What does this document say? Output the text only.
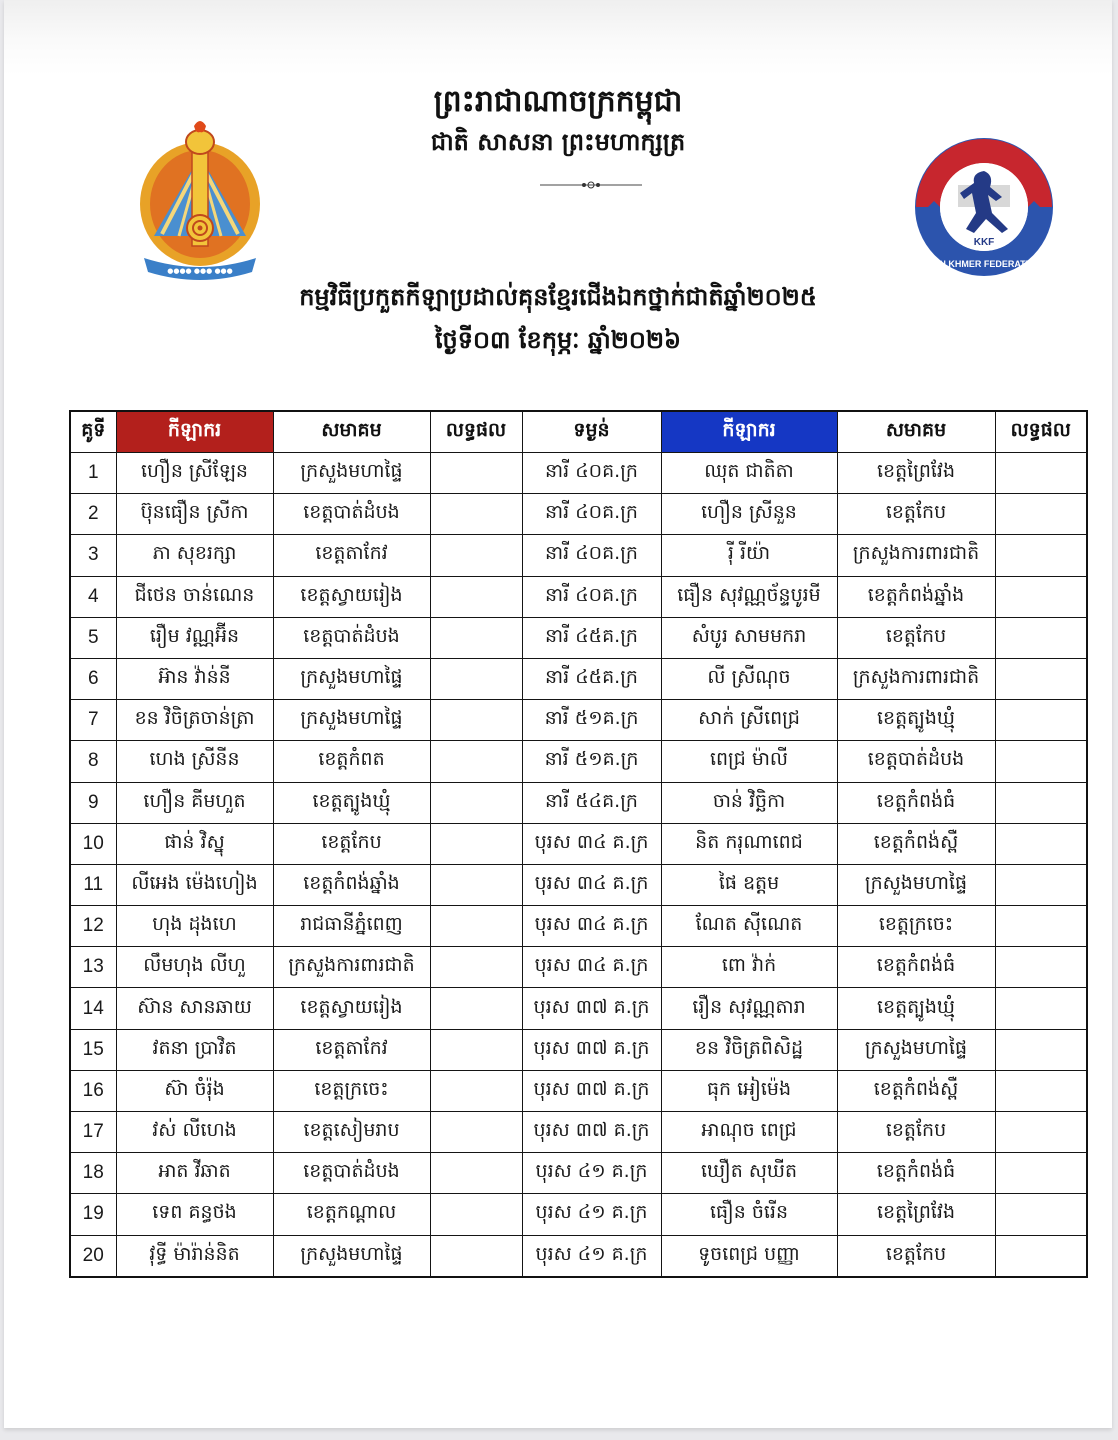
●●●● ●●● ●●●
ព្រះរាជាណាចក្រកម្ពុជា
ជាតិ សាសនា ព្រះមហាក្សត្រ
KKF
KUN KHMER FEDERATION
កម្មវិធីប្រកួតកីឡាប្រដាល់គុនខ្មែរជើងឯកថ្នាក់ជាតិឆ្នាំ២០២៥
ថ្ងៃទី០៣ ខែកុម្ភៈ ឆ្នាំ២០២៦
គូទី	កីឡាករ	សមាគម	លទ្ធផល	ទម្ងន់	កីឡាករ	សមាគម	លទ្ធផល
1	ហឿន ស្រីឡែន	ក្រសួងមហាផ្ទៃ		នារី ៤០គ.ក្រ	ឈុត ជាតិតា	ខេត្តព្រៃវែង	
2	ប៊ុនធឿន ស្រីកា	ខេត្តបាត់ដំបង		នារី ៤០គ.ក្រ	ហឿន ស្រីនួន	ខេត្តកែប	
3	ភា សុខរក្សា	ខេត្តតាកែវ		នារី ៤០គ.ក្រ	រ៉ី រីយ៉ា	ក្រសួងការពារជាតិ	
4	ជីថេន ចាន់ណេន	ខេត្តស្វាយរៀង		នារី ៤០គ.ក្រ	ធឿន សុវណ្ណច័ន្ទបូរមី	ខេត្តកំពង់ឆ្នាំង	
5	រឿម វណ្ណអ៊ីន	ខេត្តបាត់ដំបង		នារី ៤៥គ.ក្រ	សំបូរ សាមមករា	ខេត្តកែប	
6	អ៊ាន វ៉ាន់នី	ក្រសួងមហាផ្ទៃ		នារី ៤៥គ.ក្រ	លី ស្រីណុច	ក្រសួងការពារជាតិ	
7	ខន វិចិត្រចាន់ត្រា	ក្រសួងមហាផ្ទៃ		នារី ៥១គ.ក្រ	សាក់ ស្រីពេជ្រ	ខេត្តត្បូងឃ្មុំ	
8	ហេង ស្រីនីន	ខេត្តកំពត		នារី ៥១គ.ក្រ	ពេជ្រ ម៉ាលី	ខេត្តបាត់ដំបង	
9	ហឿន គីមហួត	ខេត្តត្បូងឃ្មុំ		នារី ៥៤គ.ក្រ	ចាន់ វិច្ឆិកា	ខេត្តកំពង់ធំ	
10	ផាន់ វិស្នុ	ខេត្តកែប		បុរស ៣៤ គ.ក្រ	និត ករុណាពេជ	ខេត្តកំពង់ស្ពឺ	
11	លីអេង ម៉េងហៀង	ខេត្តកំពង់ឆ្នាំង		បុរស ៣៤ គ.ក្រ	ផៃ ឧត្តម	ក្រសួងមហាផ្ទៃ	
12	ហុង ដុងហេ	រាជធានីភ្នំពេញ		បុរស ៣៤ គ.ក្រ	ណែត ស៊ីណេត	ខេត្តក្រចេះ	
13	លឹមហុង លីហួ	ក្រសួងការពារជាតិ		បុរស ៣៤ គ.ក្រ	ពោ វ៉ាក់	ខេត្តកំពង់ធំ	
14	ស៊ាន សានឆាយ	ខេត្តស្វាយរៀង		បុរស ៣៧ គ.ក្រ	រឿន សុវណ្ណតារា	ខេត្តត្បូងឃ្មុំ	
15	វតនា ប្រាវិត	ខេត្តតាកែវ		បុរស ៣៧ គ.ក្រ	ខន វិចិត្រពិសិដ្ឋ	ក្រសួងមហាផ្ទៃ	
16	ស៊ា ចំរ៉ុង	ខេត្តក្រចេះ		បុរស ៣៧ គ.ក្រ	ធុក អៀម៉េង	ខេត្តកំពង់ស្ពឺ	
17	វស់ លីហេង	ខេត្តសៀមរាប		បុរស ៣៧ គ.ក្រ	អាណុច ពេជ្រ	ខេត្តកែប	
18	អាត វីឆាត	ខេត្តបាត់ដំបង		បុរស ៤១ គ.ក្រ	ឃឿត សុឃីត	ខេត្តកំពង់ធំ	
19	ទេព គន្ធថង	ខេត្តកណ្ដាល		បុរស ៤១ គ.ក្រ	ធឿន ចំរើន	ខេត្តព្រៃវែង	
20	វុទ្ធី ម៉ារ៉ាន់និត	ក្រសួងមហាផ្ទៃ		បុរស ៤១ គ.ក្រ	ទូចពេជ្រ បញ្ញា	ខេត្តកែប	
